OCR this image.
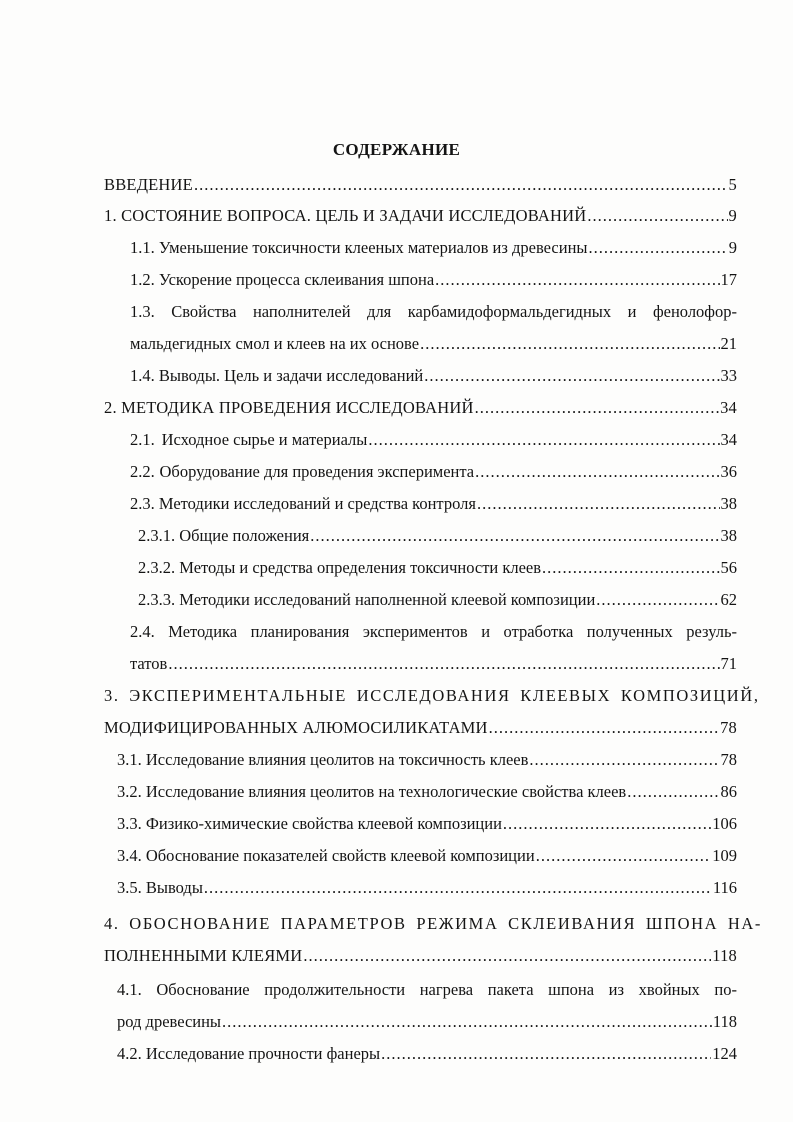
СОДЕРЖАНИЕ
ВВЕДЕНИЕ .....	5
1. СОСТОЯНИЕ ВОПРОСА. ЦЕЛЬ И ЗАДАЧИ ИССЛЕДОВАНИЙ .....	9
1.1. Уменьшение токсичности клееных материалов из древесины .....	9
1.2. Ускорение процесса склеивания шпона .....	17
1.3. Свойства наполнителей для карбамидоформальдегидных и фенолофор-
мальдегидных смол и клеев на их основе .....	21
1.4. Выводы. Цель и задачи исследований .....	33
2. МЕТОДИКА ПРОВЕДЕНИЯ ИССЛЕДОВАНИЙ .....	34
2.1. Исходное сырье и материалы .....	34
2.2. Оборудование для проведения эксперимента .....	36
2.3. Методики исследований и средства контроля .....	38
2.3.1. Общие положения .....	38
2.3.2. Методы и средства определения токсичности клеев .....	56
2.3.3. Методики исследований наполненной клеевой композиции .....	62
2.4. Методика планирования экспериментов и отработка полученных резуль-
татов .....	71
3. ЭКСПЕРИМЕНТАЛЬНЫЕ ИССЛЕДОВАНИЯ КЛЕЕВЫХ КОМПОЗИЦИЙ,
МОДИФИЦИРОВАННЫХ АЛЮМОСИЛИКАТАМИ .....	78
3.1. Исследование влияния цеолитов на токсичность клеев .....	78
3.2. Исследование влияния цеолитов на технологические свойства клеев .....	86
3.3. Физико-химические свойства клеевой композиции .....	106
3.4. Обоснование показателей свойств клеевой композиции .....	109
3.5. Выводы .....	116
4. ОБОСНОВАНИЕ ПАРАМЕТРОВ РЕЖИМА СКЛЕИВАНИЯ ШПОНА НА-
ПОЛНЕННЫМИ КЛЕЯМИ .....	118
4.1. Обоснование продолжительности нагрева пакета шпона из хвойных по-
род древесины .....	118
4.2. Исследование прочности фанеры .....	124
